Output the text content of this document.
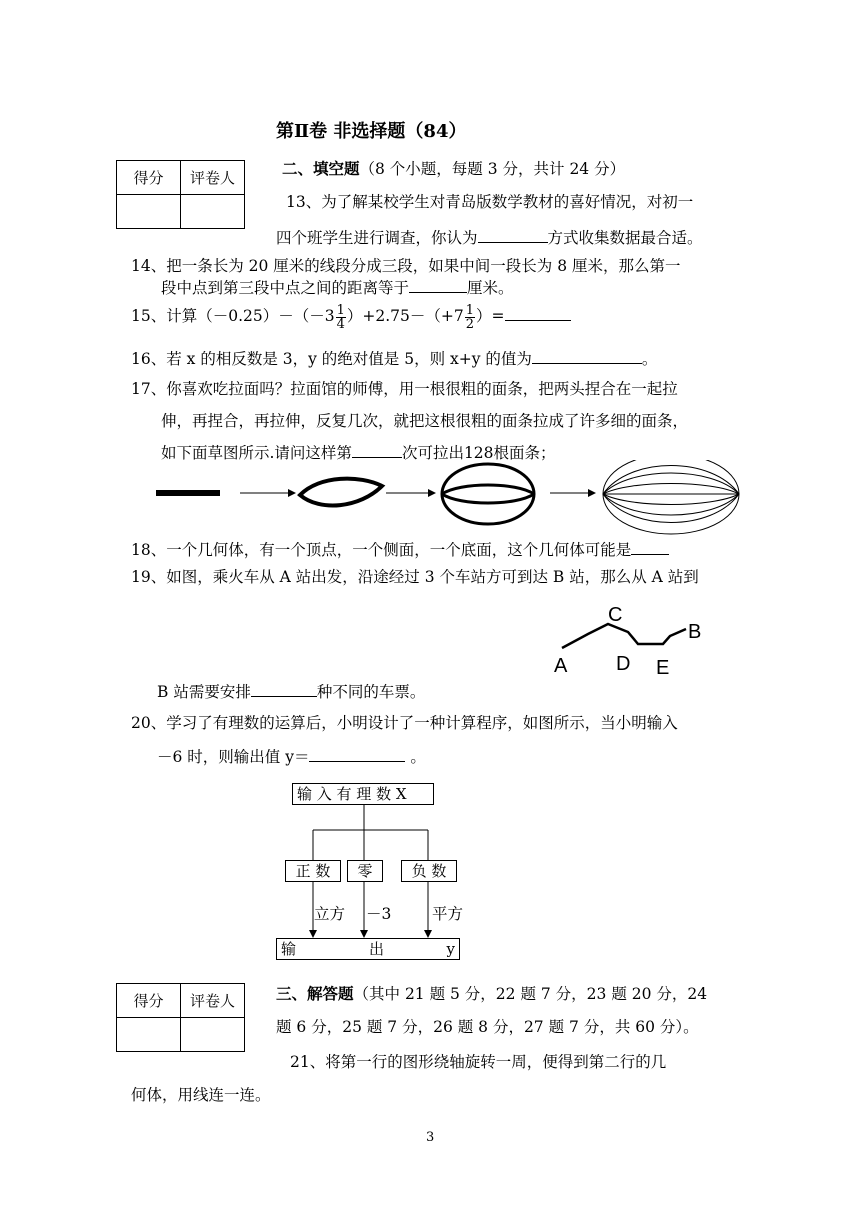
第Ⅱ卷 非选择题（84）
得分	评卷人
		二、填空题（8 个小题，每题 3 分，共计 24 分）
13、为了解某校学生对青岛版数学教材的喜好情况，对初一
四个班学生进行调查，你认为	方式收集数据最合适。
14、把一条长为 20 厘米的线段分成三段，如果中间一段长为 8 厘米，那么第一
段中点到第三段中点之间的距离等于	厘米。
15、计算$(-0.25)-(-3 \frac{1}{4} )+2.75-(+7 \frac{1}{2}$ ）=
16、若 x 的相反数是 3，y 的绝对值是 5，则 x+y 的值为	。
17、你喜欢吃拉面吗？拉面馆的师傅，用一根很粗的面条，把两头捏合在一起拉
伸，再捏合，再拉伸，反复几次，就把这根很粗的面条拉成了许多细的面条，
如下面草图所示.请问这样第	次可拉出128根面条；
18、一个几何体，有一个顶点，一个侧面，一个底面，这个几何体可能是
19、如图，乘火车从 A 站出发，沿途经过 3 个车站方可到达 B 站，那么从 A 站到
A
C
D E
B
B 站需要安排	种不同的车票。
20、学习了有理数的运算后，小明设计了一种计算程序，如图所示，当小明输入
－6 时，则输出值 y＝	。
输 入 有 理 数 X
正 数	零	负 数
立方 －3	平方
输	出	y

得分	评卷人
		三、解答题（其中 21 题 5 分，22 题 7 分，23 题 20 分，24
题 6 分，25 题 7 分，26 题 8 分，27 题 7 分，共 60 分）。
21、将第一行的图形绕轴旋转一周，便得到第二行的几
何体，用线连一连。
3
